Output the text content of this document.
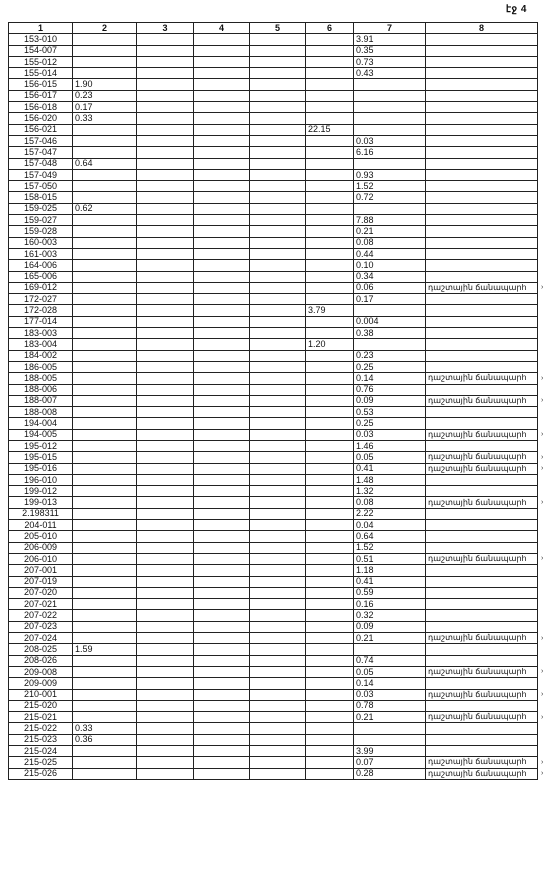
էջ 4
1	2	3	4	5	6	7	8
153-010						3.91	
154-007						0.35	
155-012						0.73	
155-014						0.43	
156-015	1.90						
156-017	0.23						
156-018	0.17						
156-020	0.33						
156-021					22.15		
157-046						0.03	
157-047						6.16	
157-048	0.64						
157-049						0.93	
157-050						1.52	
158-015						0.72	
159-025	0.62						
159-027						7.88	
159-028						0.21	
160-003						0.08	
161-003						0.44	
164-006						0.10	
165-006						0.34	
169-012						0.06	դաշտային ճանապարհ
172-027						0.17	
172-028					3.79		
177-014						0.004	
183-003						0.38	
183-004					1.20		
184-002						0.23	
186-005						0.25	
188-005						0.14	դաշտային ճանապարհ
188-006						0.76	
188-007						0.09	դաշտային ճանապարհ
188-008						0.53	
194-004						0.25	
194-005						0.03	դաշտային ճանապարհ
195-012						1.46	
195-015						0.05	դաշտային ճանապարհ
195-016						0.41	դաշտային ճանապարհ
196-010						1.48	
199-012						1.32	
199-013						0.08	դաշտային ճանապարհ
2.198311						2.22	
204-011						0.04	
205-010						0.64	
206-009						1.52	
206-010						0.51	դաշտային ճանապարհ
207-001						1.18	
207-019						0.41	
207-020						0.59	
207-021						0.16	
207-022						0.32	
207-023						0.09	
207-024						0.21	դաշտային ճանապարհ
208-025	1.59						
208-026						0.74	
209-008						0.05	դաշտային ճանապարհ
209-009						0.14	
210-001						0.03	դաշտային ճանապարհ
215-020						0.78	
215-021						0.21	դաշտային ճանապարհ
215-022	0.33						
215-023	0.36						
215-024						3.99	
215-025						0.07	դաշտային ճանապարհ
215-026						0.28	դաշտային ճանապարհ
›
›
›
›
›
›
›
›
›
›
›
›
›
›
